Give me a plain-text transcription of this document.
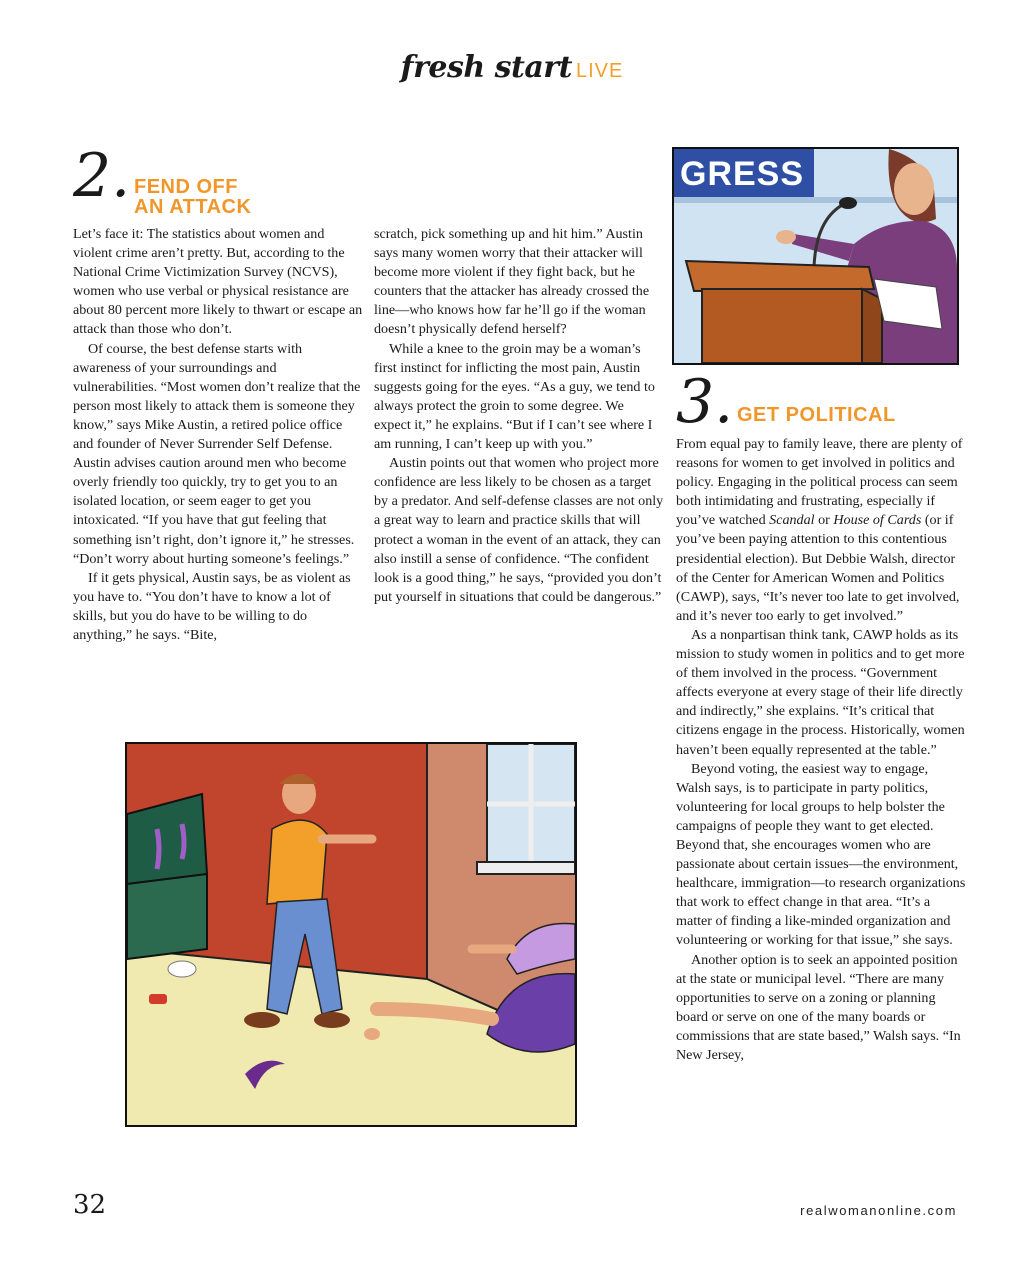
fresh start LIVE
2. FEND OFF
AN ATTACK

Let’s face it: The statistics about women and violent crime aren’t pretty. But, according to the National Crime Victimization Survey (NCVS), women who use verbal or physical resistance are about 80 percent more likely to thwart or escape an attack than those who don’t.

Of course, the best defense starts with awareness of your surroundings and vulnerabilities. “Most women don’t realize that the person most likely to attack them is someone they know,” says Mike Austin, a retired police office and founder of Never Surrender Self Defense. Austin advises caution around men who become overly friendly too quickly, try to get you to an isolated location, or seem eager to get you intoxicated. “If you have that gut feeling that something isn’t right, don’t ignore it,” he stresses. “Don’t worry about hurting someone’s feelings.”

If it gets physical, Austin says, be as violent as you have to. “You don’t have to know a lot of skills, but you do have to be willing to do anything,” he says. “Bite,

scratch, pick something up and hit him.” Austin says many women worry that their attacker will become more violent if they fight back, but he counters that the attacker has already crossed the line—who knows how far he’ll go if the woman doesn’t physically defend herself?

While a knee to the groin may be a woman’s first instinct for inflicting the most pain, Austin suggests going for the eyes. “As a guy, we tend to always protect the groin to some degree. We expect it,” he explains. “But if I can’t see where I am running, I can’t keep up with you.”

Austin points out that women who project more confidence are less likely to be chosen as a target by a predator. And self-defense classes are not only a great way to learn and practice skills that will protect a woman in the event of an attack, they can also instill a sense of confidence. “The confident look is a good thing,” he says, “provided you don’t put yourself in situations that could be dangerous.”

GRESS
3. GET POLITICAL

From equal pay to family leave, there are plenty of reasons for women to get involved in politics and policy. Engaging in the political process can seem both intimidating and frustrating, especially if you’ve watched Scandal or House of Cards (or if you’ve been paying attention to this contentious presidential election). But Debbie Walsh, director of the Center for American Women and Politics (CAWP), says, “It’s never too late to get involved, and it’s never too early to get involved.”

As a nonpartisan think tank, CAWP holds as its mission to study women in politics and to get more of them involved in the process. “Government affects everyone at every stage of their life directly and indirectly,” she explains. “It’s critical that citizens engage in the process. Historically, women haven’t been equally represented at the table.”

Beyond voting, the easiest way to engage, Walsh says, is to participate in party politics, volunteering for local groups to help bolster the campaigns of people they want to get elected. Beyond that, she encourages women who are passionate about certain issues—the environment, healthcare, immigration—to research organizations that work to effect change in that area. “It’s a matter of finding a like-minded organization and volunteering or working for that issue,” she says.

Another option is to seek an appointed position at the state or municipal level. “There are many opportunities to serve on a zoning or planning board or serve on one of the many boards or commissions that are state based,” Walsh says. “In New Jersey,

32	realwomanonline.com
